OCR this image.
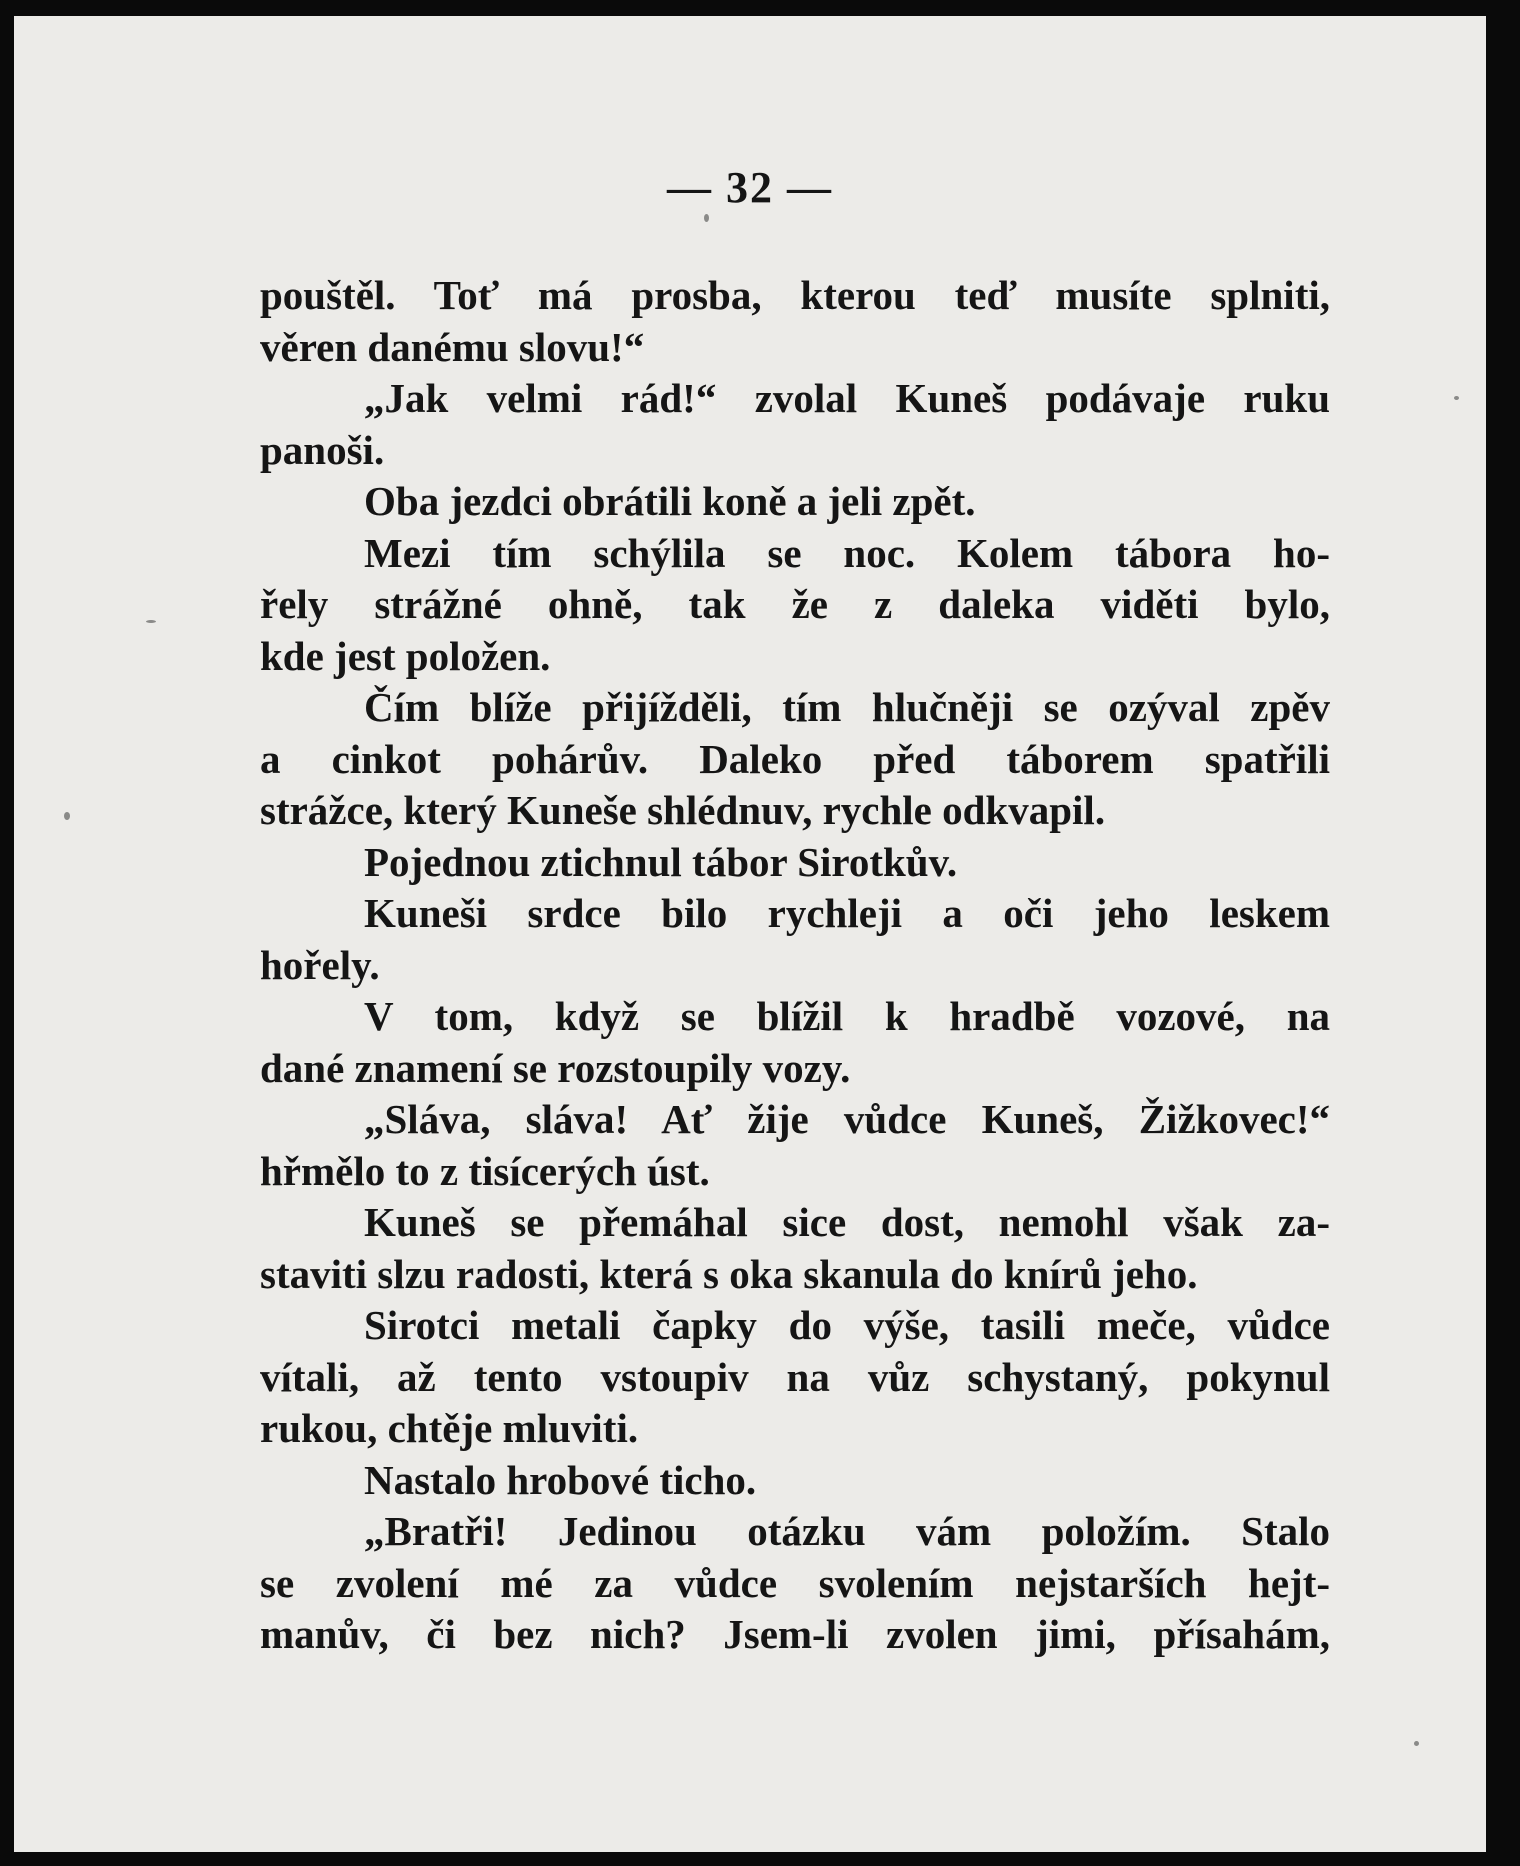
— 32 —
pouštěl. Toť má prosba, kterou teď musíte splniti,
věren danému slovu!“
„Jak velmi rád!“ zvolal Kuneš podávaje ruku
panoši.
Oba jezdci obrátili koně a jeli zpět.
Mezi tím schýlila se noc. Kolem tábora ho-
řely strážné ohně, tak že z daleka viděti bylo,
kde jest položen.
Čím blíže přijížděli, tím hlučněji se ozýval zpěv
a cinkot pohárův. Daleko před táborem spatřili
strážce, který Kuneše shlédnuv, rychle odkvapil.
Pojednou ztichnul tábor Sirotkův.
Kuneši srdce bilo rychleji a oči jeho leskem
hořely.
V tom, když se blížil k hradbě vozové, na
dané znamení se rozstoupily vozy.
„Sláva, sláva! Ať žije vůdce Kuneš, Žižkovec!“
hřmělo to z tisícerých úst.
Kuneš se přemáhal sice dost, nemohl však za-
staviti slzu radosti, která s oka skanula do knírů jeho.
Sirotci metali čapky do výše, tasili meče, vůdce
vítali, až tento vstoupiv na vůz schystaný, pokynul
rukou, chtěje mluviti.
Nastalo hrobové ticho.
„Bratři! Jedinou otázku vám položím. Stalo
se zvolení mé za vůdce svolením nejstarších hejt-
manův, či bez nich? Jsem-li zvolen jimi, přísahám,
